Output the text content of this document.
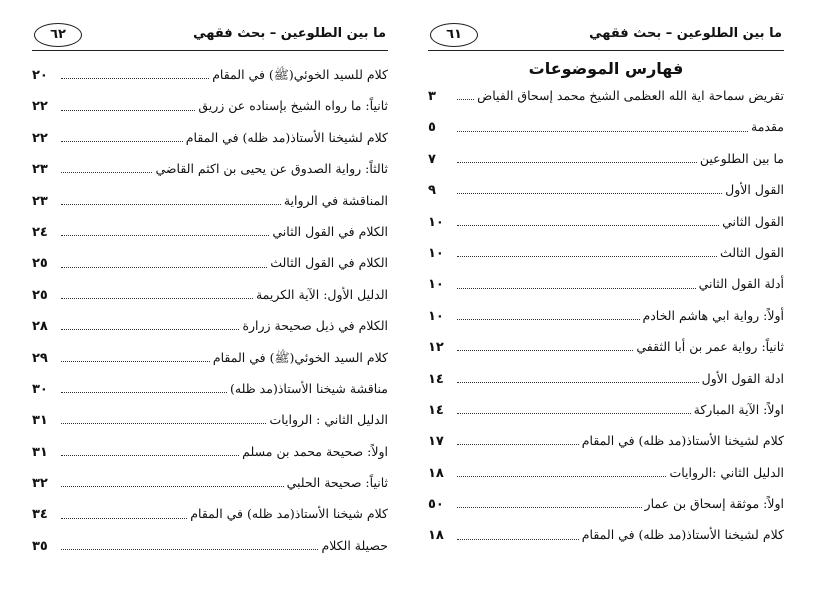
ما بين الطلوعين – بحث فقهي
٦٢
كلام للسيد الخوئي(ﷺ) في المقام
٢٠
ثانياً: ما رواه الشيخ بإسناده عن زريق
٢٢
كلام لشيخنا الأستاذ(مد ظله) في المقام
٢٢
ثالثاً: رواية الصدوق عن يحيى بن اكثم القاضي
٢٣
المناقشة في الرواية
٢٣
الكلام في القول الثاني
٢٤
الكلام في القول الثالث
٢٥
الدليل الأول: الآية الكريمة
٢٥
الكلام في ذيل صحيحة زرارة
٢٨
كلام السيد الخوئي(ﷺ) في المقام
٢٩
مناقشة شيخنا الأستاذ(مد ظله)
٣٠
الدليل الثاني : الروايات
٣١
اولاً: صحيحة محمد بن مسلم
٣١
ثانياً: صحيحة الحلبي
٣٢
كلام شيخنا الأستاذ(مد ظله) في المقام
٣٤
حصيلة الكلام
٣٥
ما بين الطلوعين – بحث فقهي
٦١
فهارس الموضوعات
تقريض سماحة اية الله العظمى الشيخ محمد إسحاق الفياض
٣
مقدمة
٥
ما بين الطلوعين
٧
القول الأول
٩
القول الثاني
١٠
القول الثالث
١٠
أدلة القول الثاني
١٠
أولاً: رواية ابي هاشم الخادم
١٠
ثانياً: رواية عمر بن أبا الثقفي
١٢
ادلة القول الأول
١٤
اولاً: الآية المباركة
١٤
كلام لشيخنا الأستاذ(مد ظله) في المقام
١٧
الدليل الثاني :الروايات
١٨
اولاً: موثقة إسحاق بن عمار
٥٠
كلام لشيخنا الأستاذ(مد ظله) في المقام
١٨
